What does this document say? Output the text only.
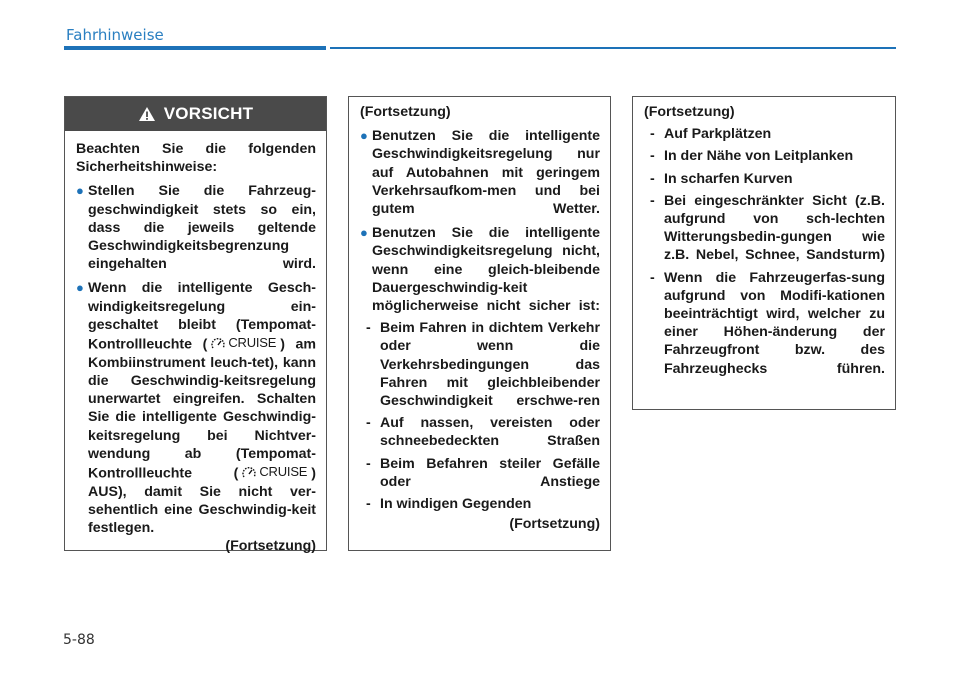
Fahrhinweise
VORSICHT

Beachten Sie die folgenden Sicherheitshinweise:

● Stellen Sie die Fahrzeug-geschwindigkeit stets so ein, dass die jeweils geltende Geschwindigkeitsbegrenzung eingehalten wird.

● Wenn die intelligente Gesch-windigkeitsregelung ein-geschaltet bleibt (Tempomat-Kontrollleuchte ( CRUISE ) am Kombiinstrument leuch-tet), kann die Geschwindig-keitsregelung unerwartet eingreifen. Schalten Sie die intelligente Geschwindig-keitsregelung bei Nichtver-wendung ab (Tempomat-Kontrollleuchte ( CRUISE ) AUS), damit Sie nicht ver-sehentlich eine Geschwindig-keit festlegen.

(Fortsetzung)

(Fortsetzung)

● Benutzen Sie die intelligente Geschwindigkeitsregelung nur auf Autobahnen mit geringem Verkehrsaufkom-men und bei gutem Wetter.

● Benutzen Sie die intelligente Geschwindigkeitsregelung nicht, wenn eine gleich-bleibende Dauergeschwindig-keit möglicherweise nicht sicher ist:

- Beim Fahren in dichtem Verkehr oder wenn die Verkehrsbedingungen das Fahren mit gleichbleibender Geschwindigkeit erschwe-ren

- Auf nassen, vereisten oder schneebedeckten Straßen

- Beim Befahren steiler Gefälle oder Anstiege

- In windigen Gegenden

(Fortsetzung)

(Fortsetzung)

- Auf Parkplätzen

- In der Nähe von Leitplanken

- In scharfen Kurven

- Bei eingeschränkter Sicht (z.B. aufgrund von sch-lechten Witterungsbedin-gungen wie z.B. Nebel, Schnee, Sandsturm)

- Wenn die Fahrzeugerfas-sung aufgrund von Modifi-kationen beeinträchtigt wird, welcher zu einer Höhen-änderung der Fahrzeugfront bzw. des Fahrzeughecks führen.

5-88
